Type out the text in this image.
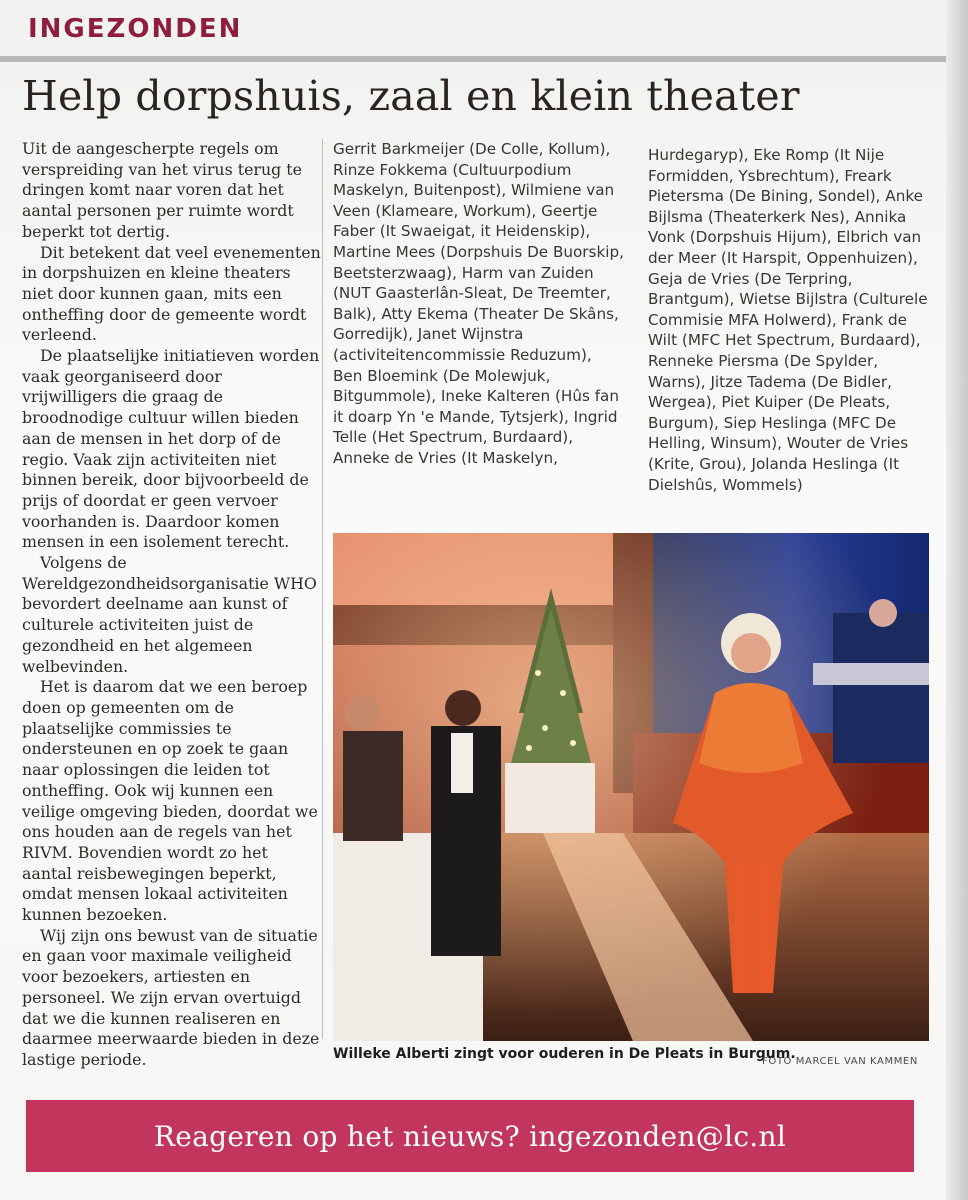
INGEZONDEN
Help dorpshuis, zaal en klein theater

Uit de aangescherpte regels om verspreiding van het virus terug te dringen komt naar voren dat het aantal personen per ruimte wordt beperkt tot dertig.

Dit betekent dat veel evenementen in dorpshuizen en kleine theaters niet door kunnen gaan, mits een ontheffing door de gemeente wordt verleend.

De plaatselijke initiatieven worden vaak georganiseerd door vrijwilligers die graag de broodnodige cultuur willen bieden aan de mensen in het dorp of de regio. Vaak zijn activiteiten niet binnen bereik, door bijvoorbeeld de prijs of doordat er geen vervoer voorhanden is. Daardoor komen mensen in een isolement terecht.

Volgens de Wereldgezondheidsorganisatie WHO bevordert deelname aan kunst of culturele activiteiten juist de gezondheid en het algemeen welbevinden.

Het is daarom dat we een beroep doen op gemeenten om de plaatselijke commissies te ondersteunen en op zoek te gaan naar oplossingen die leiden tot ontheffing. Ook wij kunnen een veilige omgeving bieden, doordat we ons houden aan de regels van het RIVM. Bovendien wordt zo het aantal reisbewegingen beperkt, omdat mensen lokaal activiteiten kunnen bezoeken.

Wij zijn ons bewust van de situatie en gaan voor maximale veiligheid voor bezoekers, artiesten en personeel. We zijn ervan overtuigd dat we die kunnen realiseren en daarmee meerwaarde bieden in deze lastige periode.

Gerrit Barkmeijer (De Colle, Kollum), Rinze Fokkema (Cultuurpodium Maskelyn, Buitenpost), Wilmiene van Veen (Klameare, Workum), Geertje Faber (It Swaeigat, it Heidenskip), Martine Mees (Dorpshuis De Buorskip, Beetsterzwaag), Harm van Zuiden (NUT Gaasterlân-Sleat, De Treemter, Balk), Atty Ekema (Theater De Skâns, Gorredijk), Janet Wijnstra (activiteitencommissie Reduzum), Ben Bloemink (De Molewjuk, Bitgummole), Ineke Kalteren (Hûs fan it doarp Yn 'e Mande, Tytsjerk), Ingrid Telle (Het Spectrum, Burdaard), Anneke de Vries (It Maskelyn,

Hurdegaryp), Eke Romp (It Nije Formidden, Ysbrechtum), Freark Pietersma (De Bining, Sondel), Anke Bijlsma (Theaterkerk Nes), Annika Vonk (Dorpshuis Hijum), Elbrich van der Meer (It Harspit, Oppenhuizen), Geja de Vries (De Terpring, Brantgum), Wietse Bijlstra (Culturele Commisie MFA Holwerd), Frank de Wilt (MFC Het Spectrum, Burdaard), Renneke Piersma (De Spylder, Warns), Jitze Tadema (De Bidler, Wergea), Piet Kuiper (De Pleats, Burgum), Siep Heslinga (MFC De Helling, Winsum), Wouter de Vries (Krite, Grou), Jolanda Heslinga (It Dielshûs, Wommels)

Willeke Alberti zingt voor ouderen in De Pleats in Burgum.
FOTO MARCEL VAN KAMMEN
Reageren op het nieuws? ingezonden@lc.nl
